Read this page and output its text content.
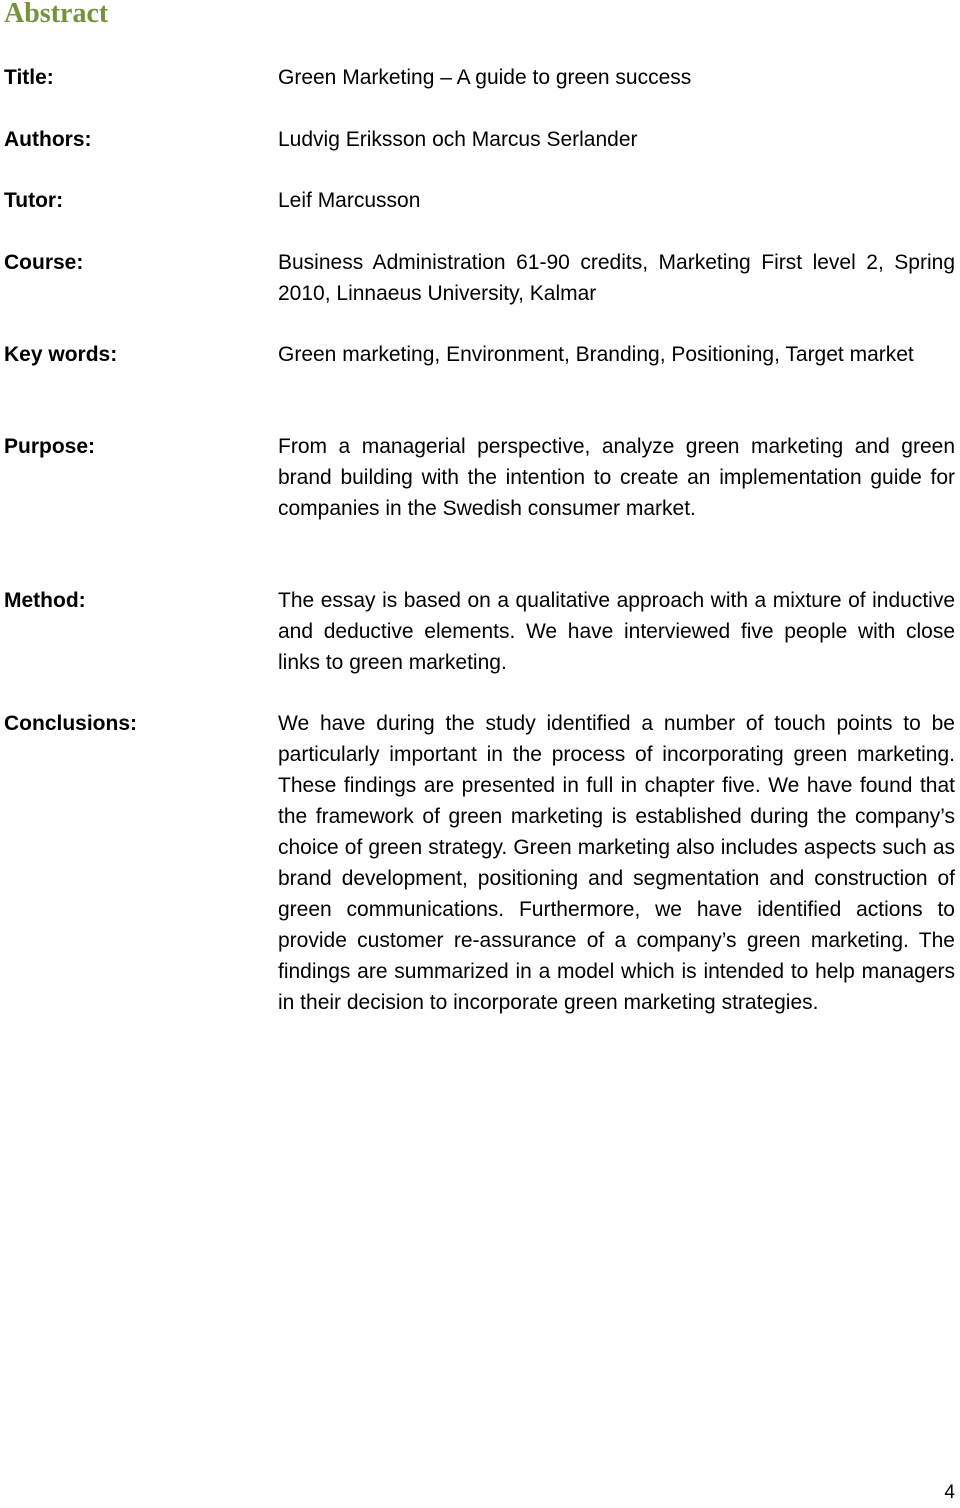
Abstract
Title:	Green Marketing – A guide to green success
Authors:	Ludvig Eriksson och Marcus Serlander
Tutor:	Leif Marcusson
Course:	Business Administration 61-90 credits, Marketing First level 2, Spring 2010, Linnaeus University, Kalmar
Key words:	Green marketing, Environment, Branding, Positioning, Target market
Purpose:	From a managerial perspective, analyze green marketing and green brand building with the intention to create an implementation guide for companies in the Swedish consumer market.
Method:	The essay is based on a qualitative approach with a mixture of inductive and deductive elements. We have interviewed five people with close links to green marketing.
Conclusions:	We have during the study identified a number of touch points to be particularly important in the process of incorporating green marketing. These findings are presented in full in chapter five. We have found that the framework of green marketing is established during the company’s choice of green strategy. Green marketing also includes aspects such as brand development, positioning and segmentation and construction of green communications. Furthermore, we have identified actions to provide customer re-assurance of a company’s green marketing. The findings are summarized in a model which is intended to help managers in their decision to incorporate green marketing strategies.
4
